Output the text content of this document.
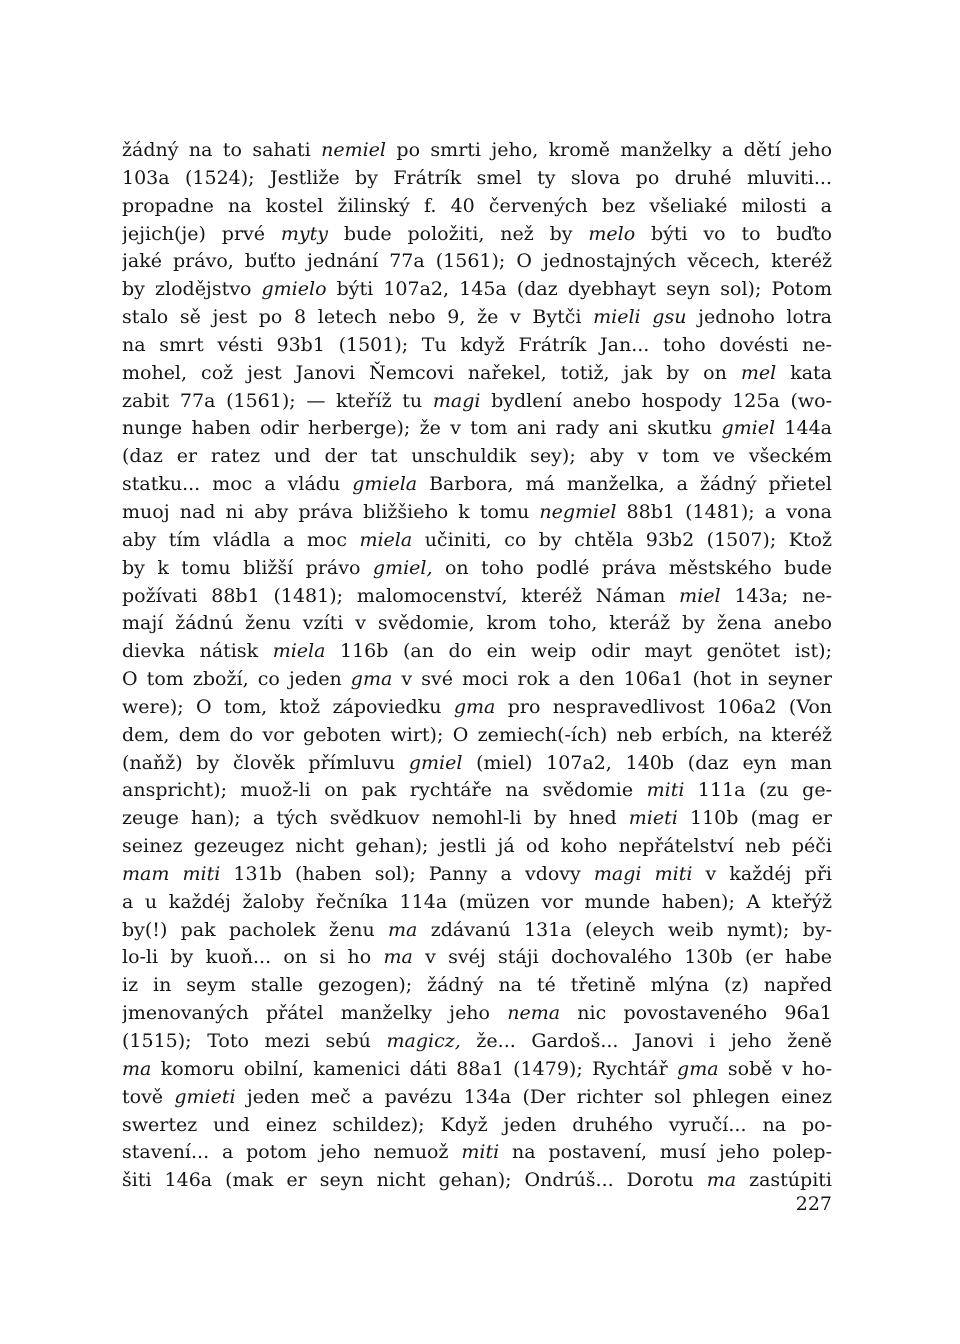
žádný na to sahati nemiel po smrti jeho, kromě manželky a dětí jeho
103a (1524); Jestliže by Frátrík smel ty slova po druhé mluviti...
propadne na kostel žilinský f. 40 červených bez všeliaké milosti a
jejich(je) prvé myty bude položiti, než by melo býti vo to buďto
jaké právo, buťto jednání 77a (1561); O jednostajných věcech, kteréž
by zlodějstvo gmielo býti 107a2, 145a (daz dyebhayt seyn sol); Potom
stalo sě jest po 8 letech nebo 9, že v Bytči mieli gsu jednoho lotra
na smrt vésti 93b1 (1501); Tu když Frátrík Jan... toho dovésti ne-
mohel, což jest Janovi Ňemcovi nařekel, totiž, jak by on mel kata
zabit 77a (1561); — kteříž tu magi bydlení anebo hospody 125a (wo-
nunge haben odir herberge); že v tom ani rady ani skutku gmiel 144a
(daz er ratez und der tat unschuldik sey); aby v tom ve všeckém
statku... moc a vládu gmiela Barbora, má manželka, a žádný přietel
muoj nad ni aby práva bližšieho k tomu negmiel 88b1 (1481); a vona
aby tím vládla a moc miela učiniti, co by chtěla 93b2 (1507); Ktož
by k tomu bližší právo gmiel, on toho podlé práva městského bude
požívati 88b1 (1481); malomocenství, kteréž Náman miel 143a; ne-
mají žádnú ženu vzíti v svědomie, krom toho, kteráž by žena anebo
dievka nátisk miela 116b (an do ein weip odir mayt genötet ist);
O tom zboží, co jeden gma v své moci rok a den 106a1 (hot in seyner
were); O tom, ktož zápoviedku gma pro nespravedlivost 106a2 (Von
dem, dem do vor geboten wirt); O zemiech(-ích) neb erbích, na kteréž
(naňž) by člověk přímluvu gmiel (miel) 107a2, 140b (daz eyn man
anspricht); muož-li on pak rychtáře na svědomie miti 111a (zu ge-
zeuge han); a tých svědkuov nemohl-li by hned mieti 110b (mag er
seinez gezeugez nicht gehan); jestli já od koho nepřátelství neb péči
mam miti 131b (haben sol); Panny a vdovy magi miti v každéj při
a u každéj žaloby řečníka 114a (müzen vor munde haben); A kteřýž
by(!) pak pacholek ženu ma zdávanú 131a (eleych weib nymt); by-
lo-li by kuoň... on si ho ma v svéj stáji dochovalého 130b (er habe
iz in seym stalle gezogen); žádný na té třetině mlýna (z) napřed
jmenovaných přátel manželky jeho nema nic povostaveného 96a1
(1515); Toto mezi sebú magicz, že... Gardoš... Janovi i jeho ženě
ma komoru obilní, kamenici dáti 88a1 (1479); Rychtář gma sobě v ho-
tově gmieti jeden meč a pavézu 134a (Der richter sol phlegen einez
swertez und einez schildez); Když jeden druhého vyručí... na po-
stavení... a potom jeho nemuož miti na postavení, musí jeho polep-
šiti 146a (mak er seyn nicht gehan); Ondrúš... Dorotu ma zastúpiti
227
